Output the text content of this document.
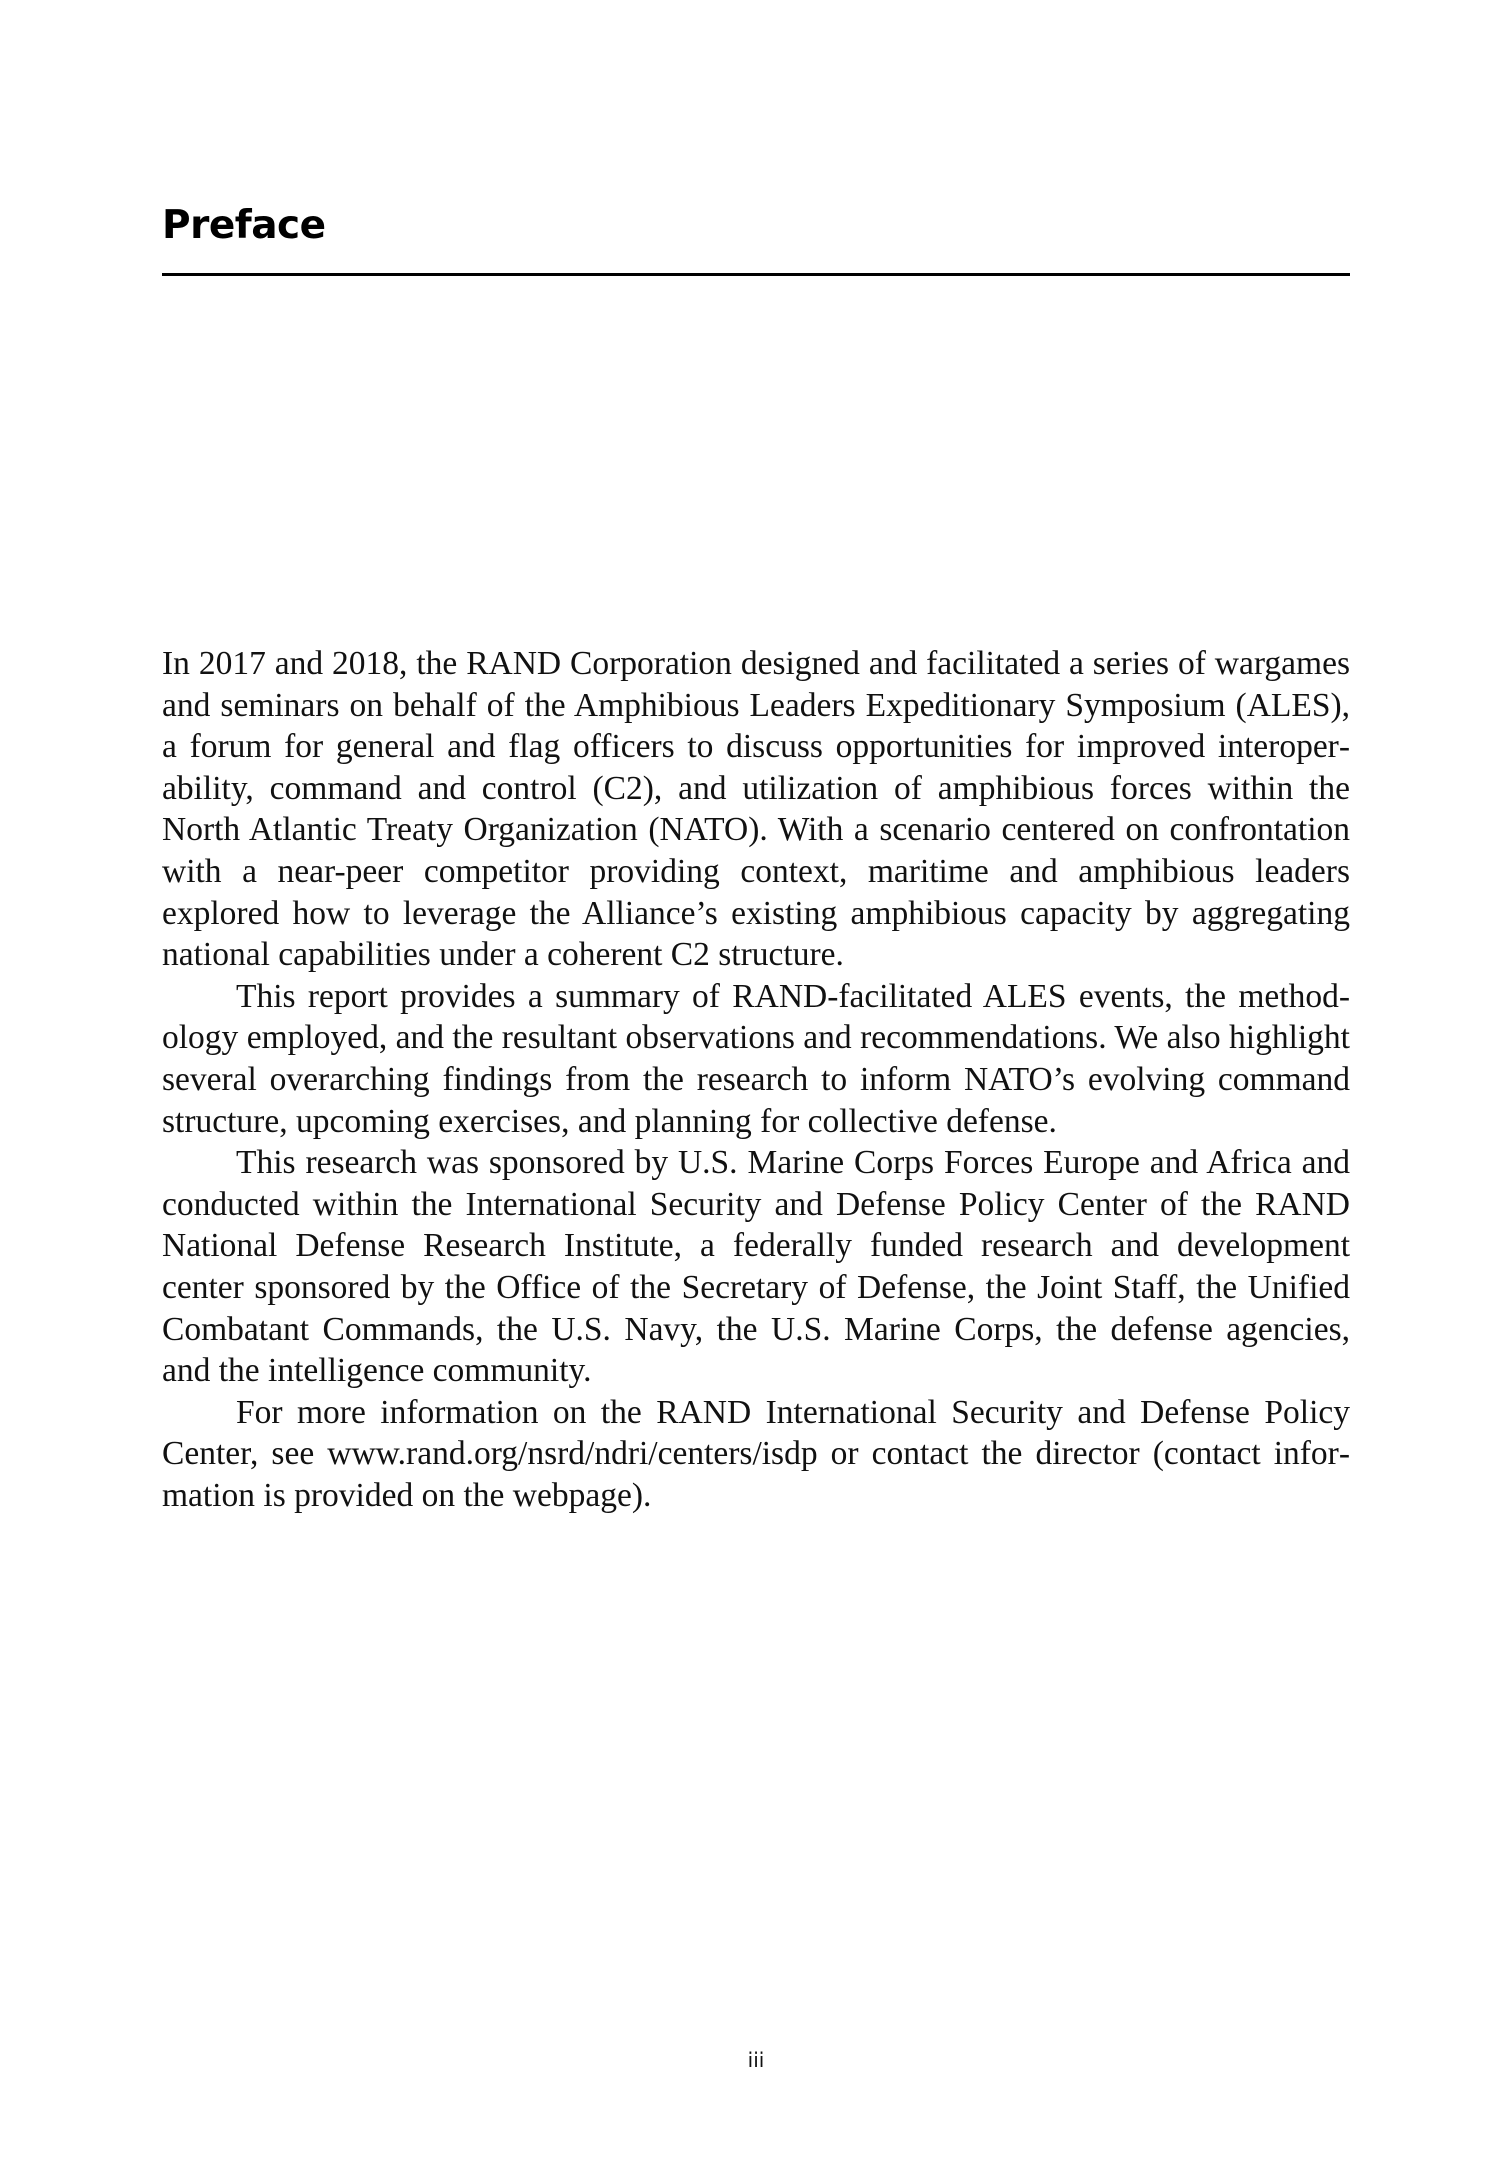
Preface

In 2017 and 2018, the RAND Corporation designed and facilitated a series of wargames and seminars on behalf of the Amphibious Leaders Expeditionary Symposium (ALES), a forum for general and flag officers to discuss opportunities for improved interoperability, command and control (C2), and utilization of amphibious forces within the North Atlantic Treaty Organization (NATO). With a scenario centered on confrontation with a near-peer competitor providing context, maritime and amphibious leaders explored how to leverage the Alliance’s existing amphibious capacity by aggregating national capabilities under a coherent C2 structure.

This report provides a summary of RAND-facilitated ALES events, the methodology employed, and the resultant observations and recommendations. We also highlight several overarching findings from the research to inform NATO’s evolving command structure, upcoming exercises, and planning for collective defense.

This research was sponsored by U.S. Marine Corps Forces Europe and Africa and conducted within the International Security and Defense Policy Center of the RAND National Defense Research Institute, a federally funded research and development center sponsored by the Office of the Secretary of Defense, the Joint Staff, the Unified Combatant Commands, the U.S. Navy, the U.S. Marine Corps, the defense agencies, and the intelligence community.

For more information on the RAND International Security and Defense Policy Center, see www.rand.org/nsrd/ndri/centers/isdp or contact the director (contact information is provided on the webpage).

iii
